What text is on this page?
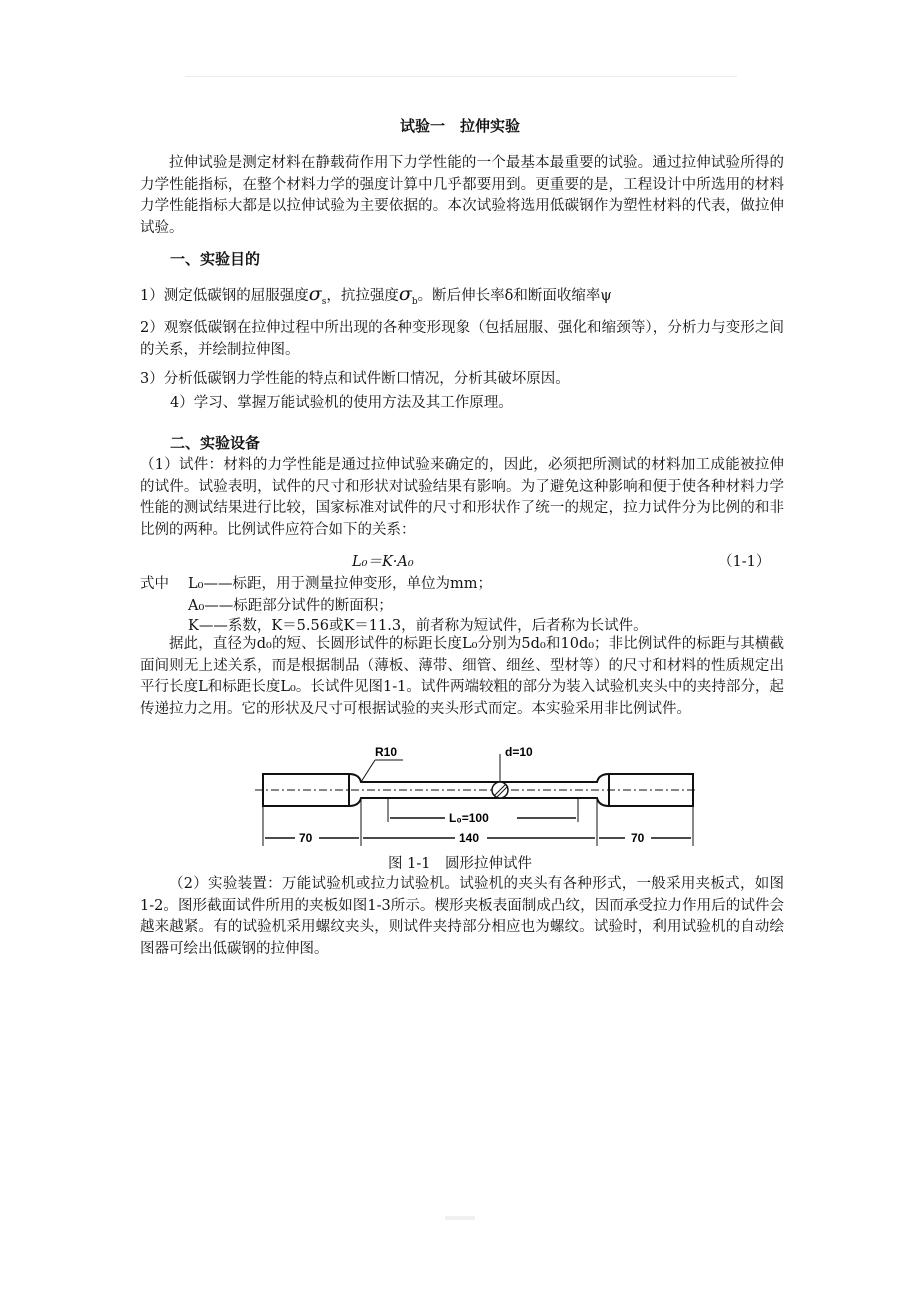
试验一　拉伸实验
拉伸试验是测定材料在静载荷作用下力学性能的一个最基本最重要的试验。通过拉伸试验所得的力学性能指标，在整个材料力学的强度计算中几乎都要用到。更重要的是，工程设计中所选用的材料力学性能指标大都是以拉伸试验为主要依据的。本次试验将选用低碳钢作为塑性材料的代表，做拉伸试验。
一、实验目的
1）测定低碳钢的屈服强度$\sigma_s$，抗拉强度$\sigma_b$。断后伸长率δ和断面收缩率ψ
2）观察低碳钢在拉伸过程中所出现的各种变形现象（包括屈服、强化和缩颈等），分析力与变形之间的关系，并绘制拉伸图。
3）分析低碳钢力学性能的特点和试件断口情况，分析其破坏原因。
4）学习、掌握万能试验机的使用方法及其工作原理。
二、实验设备
（1）试件：材料的力学性能是通过拉伸试验来确定的，因此，必须把所测试的材料加工成能被拉伸的试件。试验表明，试件的尺寸和形状对试验结果有影响。为了避免这种影响和便于使各种材料力学性能的测试结果进行比较，国家标准对试件的尺寸和形状作了统一的规定，拉力试件分为比例的和非比例的两种。比例试件应符合如下的关系：
L₀＝K·A₀	（1-1）
式中 L₀——标距，用于测量拉伸变形，单位为mm；
A₀——标距部分试件的断面积；
K——系数，K＝5.56或K＝11.3，前者称为短试件，后者称为长试件。
据此，直径为d₀的短、长圆形试件的标距长度L₀分别为5d₀和10d₀；非比例试件的标距与其横截面间则无上述关系，而是根据制品（薄板、薄带、细管、细丝、型材等）的尺寸和材料的性质规定出平行长度L和标距长度L₀。长试件见图1-1。试件两端较粗的部分为装入试验机夹头中的夹持部分，起传递拉力之用。它的形状及尺寸可根据试验的夹头形式而定。本实验采用非比例试件。
R10	d=10
L₀=100
70	140	70
图 1-1　圆形拉伸试件
（2）实验装置：万能试验机或拉力试验机。试验机的夹头有各种形式，一般采用夹板式，如图1-2。图形截面试件所用的夹板如图1-3所示。楔形夹板表面制成凸纹，因而承受拉力作用后的试件会越来越紧。有的试验机采用螺纹夹头，则试件夹持部分相应也为螺纹。试验时，利用试验机的自动绘图器可绘出低碳钢的拉伸图。
